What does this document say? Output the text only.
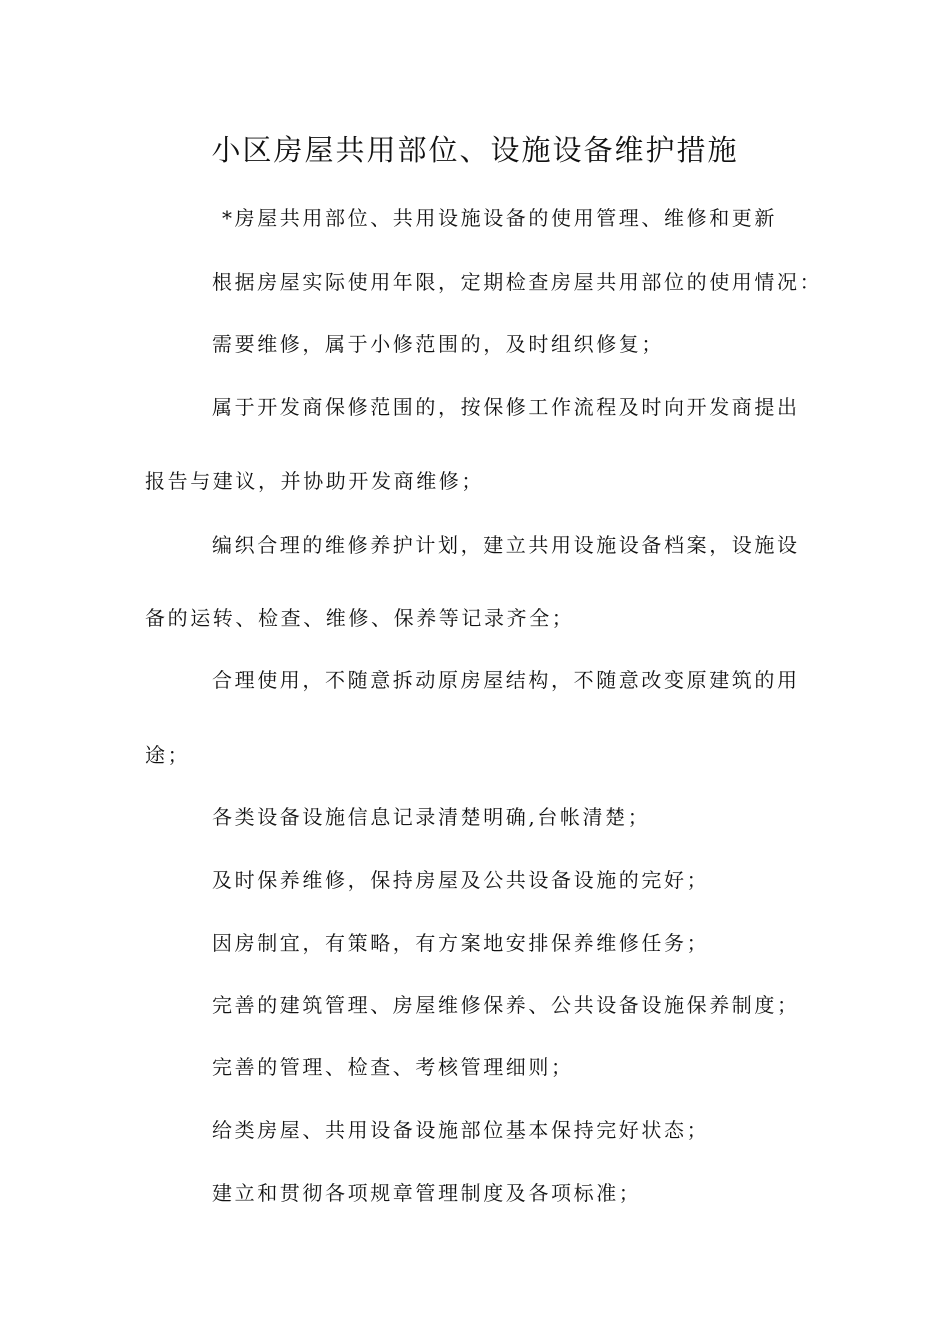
小区房屋共用部位、设施设备维护措施
*房屋共用部位、共用设施设备的使用管理、维修和更新
根据房屋实际使用年限，定期检查房屋共用部位的使用情况：
需要维修，属于小修范围的，及时组织修复；
属于开发商保修范围的，按保修工作流程及时向开发商提出
报告与建议，并协助开发商维修；
编织合理的维修养护计划，建立共用设施设备档案，设施设
备的运转、检查、维修、保养等记录齐全；
合理使用，不随意拆动原房屋结构，不随意改变原建筑的用
途；
各类设备设施信息记录清楚明确,台帐清楚；
及时保养维修，保持房屋及公共设备设施的完好；
因房制宜，有策略，有方案地安排保养维修任务；
完善的建筑管理、房屋维修保养、公共设备设施保养制度；
完善的管理、检查、考核管理细则；
给类房屋、共用设备设施部位基本保持完好状态；
建立和贯彻各项规章管理制度及各项标准；
